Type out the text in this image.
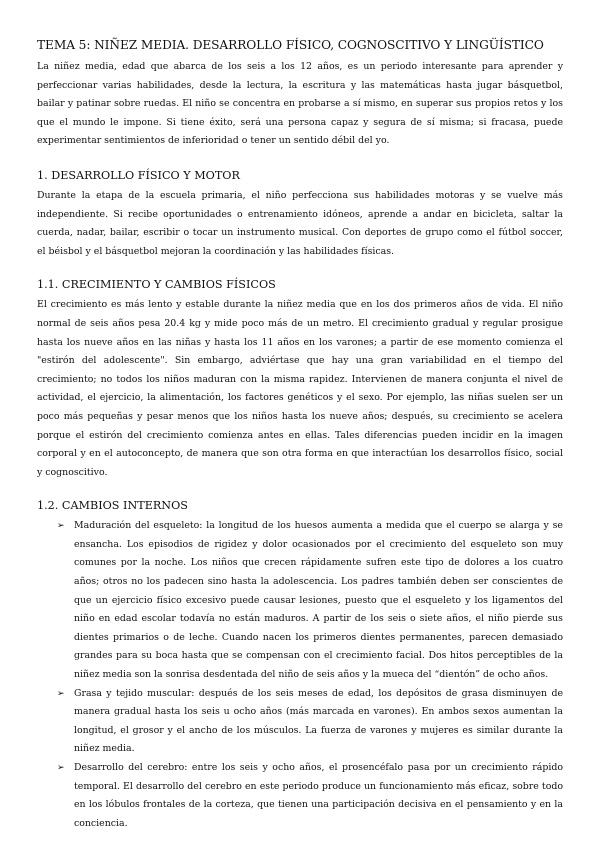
TEMA 5: NIÑEZ MEDIA. DESARROLLO FÍSICO, COGNOSCITIVO Y LINGÜÍSTICO

La niñez media, edad que abarca de los seis a los 12 años, es un periodo interesante para aprender y perfeccionar varias habilidades, desde la lectura, la escritura y las matemáticas hasta jugar básquetbol, bailar y patinar sobre ruedas. El niño se concentra en probarse a sí mismo, en superar sus propios retos y los que el mundo le impone. Si tiene éxito, será una persona capaz y segura de sí misma; si fracasa, puede experimentar sentimientos de inferioridad o tener un sentido débil del yo.

1. DESARROLLO FÍSICO Y MOTOR

Durante la etapa de la escuela primaria, el niño perfecciona sus habilidades motoras y se vuelve más independiente. Si recibe oportunidades o entrenamiento idóneos, aprende a andar en bicicleta, saltar la cuerda, nadar, bailar, escribir o tocar un instrumento musical. Con deportes de grupo como el fútbol soccer, el béisbol y el básquetbol mejoran la coordinación y las habilidades físicas.

1.1. CRECIMIENTO Y CAMBIOS FÍSICOS

El crecimiento es más lento y estable durante la niñez media que en los dos primeros años de vida. El niño normal de seis años pesa 20.4 kg y mide poco más de un metro. El crecimiento gradual y regular prosigue hasta los nueve años en las niñas y hasta los 11 años en los varones; a partir de ese momento comienza el "estirón del adolescente". Sin embargo, adviértase que hay una gran variabilidad en el tiempo del crecimiento; no todos los niños maduran con la misma rapidez. Intervienen de manera conjunta el nivel de actividad, el ejercicio, la alimentación, los factores genéticos y el sexo. Por ejemplo, las niñas suelen ser un poco más pequeñas y pesar menos que los niños hasta los nueve años; después, su crecimiento se acelera porque el estirón del crecimiento comienza antes en ellas. Tales diferencias pueden incidir en la imagen corporal y en el autoconcepto, de manera que son otra forma en que interactúan los desarrollos físico, social y cognoscitivo.

1.2. CAMBIOS INTERNOS
➢ Maduración del esqueleto: la longitud de los huesos aumenta a medida que el cuerpo se alarga y se ensancha. Los episodios de rigidez y dolor ocasionados por el crecimiento del esqueleto son muy comunes por la noche. Los niños que crecen rápidamente sufren este tipo de dolores a los cuatro años; otros no los padecen sino hasta la adolescencia. Los padres también deben ser conscientes de que un ejercicio físico excesivo puede causar lesiones, puesto que el esqueleto y los ligamentos del niño en edad escolar todavía no están maduros. A partir de los seis o siete años, el niño pierde sus dientes primarios o de leche. Cuando nacen los primeros dientes permanentes, parecen demasiado grandes para su boca hasta que se compensan con el crecimiento facial. Dos hitos perceptibles de la niñez media son la sonrisa desdentada del niño de seis años y la mueca del “dientón” de ocho años.
➢ Grasa y tejido muscular: después de los seis meses de edad, los depósitos de grasa disminuyen de manera gradual hasta los seis u ocho años (más marcada en varones). En ambos sexos aumentan la longitud, el grosor y el ancho de los músculos. La fuerza de varones y mujeres es similar durante la niñez media.
➢ Desarrollo del cerebro: entre los seis y ocho años, el prosencéfalo pasa por un crecimiento rápido temporal. El desarrollo del cerebro en este periodo produce un funcionamiento más eficaz, sobre todo en los lóbulos frontales de la corteza, que tienen una participación decisiva en el pensamiento y en la conciencia.
